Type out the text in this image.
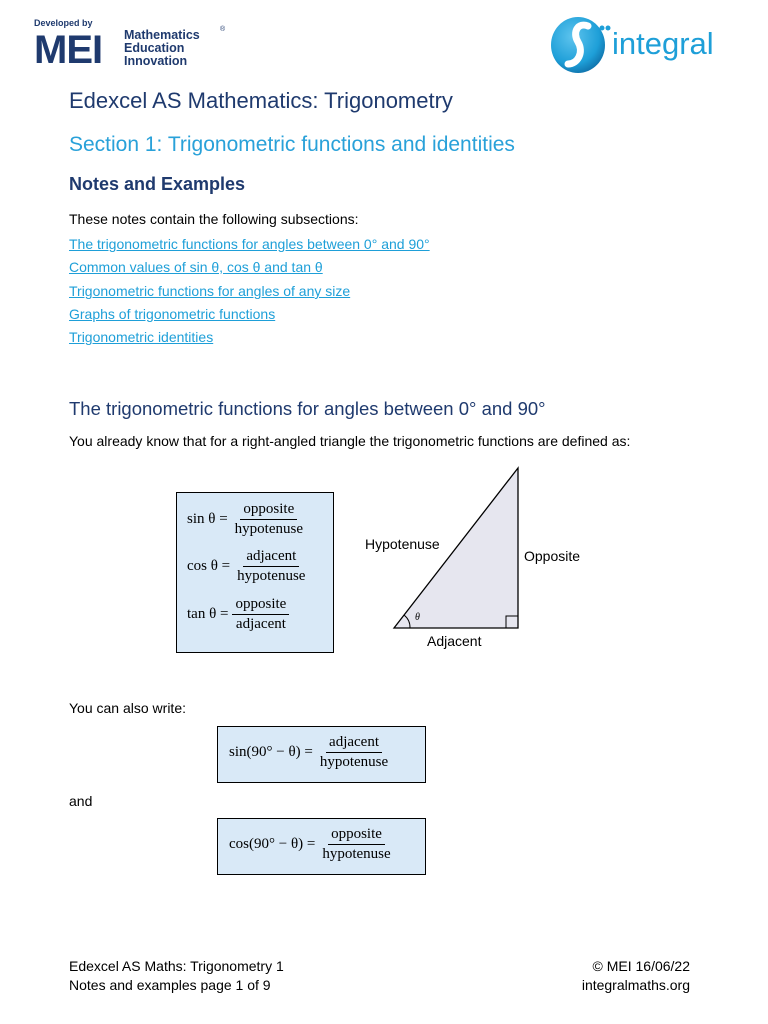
Developed by
MEI Mathematics
Education
Innovation
®	integral
Edexcel AS Mathematics: Trigonometry
Section 1: Trigonometric functions and identities
Notes and Examples
These notes contain the following subsections:
The trigonometric functions for angles between 0° and 90°
Common values of sin θ, cos θ and tan θ
Trigonometric functions for angles of any size
Graphs of trigonometric functions
Trigonometric identities
The trigonometric functions for angles between 0° and 90°
You already know that for a right-angled triangle the trigonometric functions are defined as:
$\sin \theta = \frac{\text{opposite}}{\text{hypotenuse}}$
$\cos \theta = \frac{\text{adjacent}}{\text{hypotenuse}}$
$\tan \theta = \frac{\text{opposite}}{\text{adjacent}}$	θ
Hypotenuse
Opposite
Adjacent
You can also write:
$\sin(90^\circ - \theta) = \frac{\text{adjacent}}{\text{hypotenuse}}$
and
$\cos(90^\circ - \theta) = \frac{\text{opposite}}{\text{hypotenuse}}$
Edexcel AS Maths: Trigonometry 1
Notes and examples page 1 of 9
© MEI 16/06/22
integralmaths.org
